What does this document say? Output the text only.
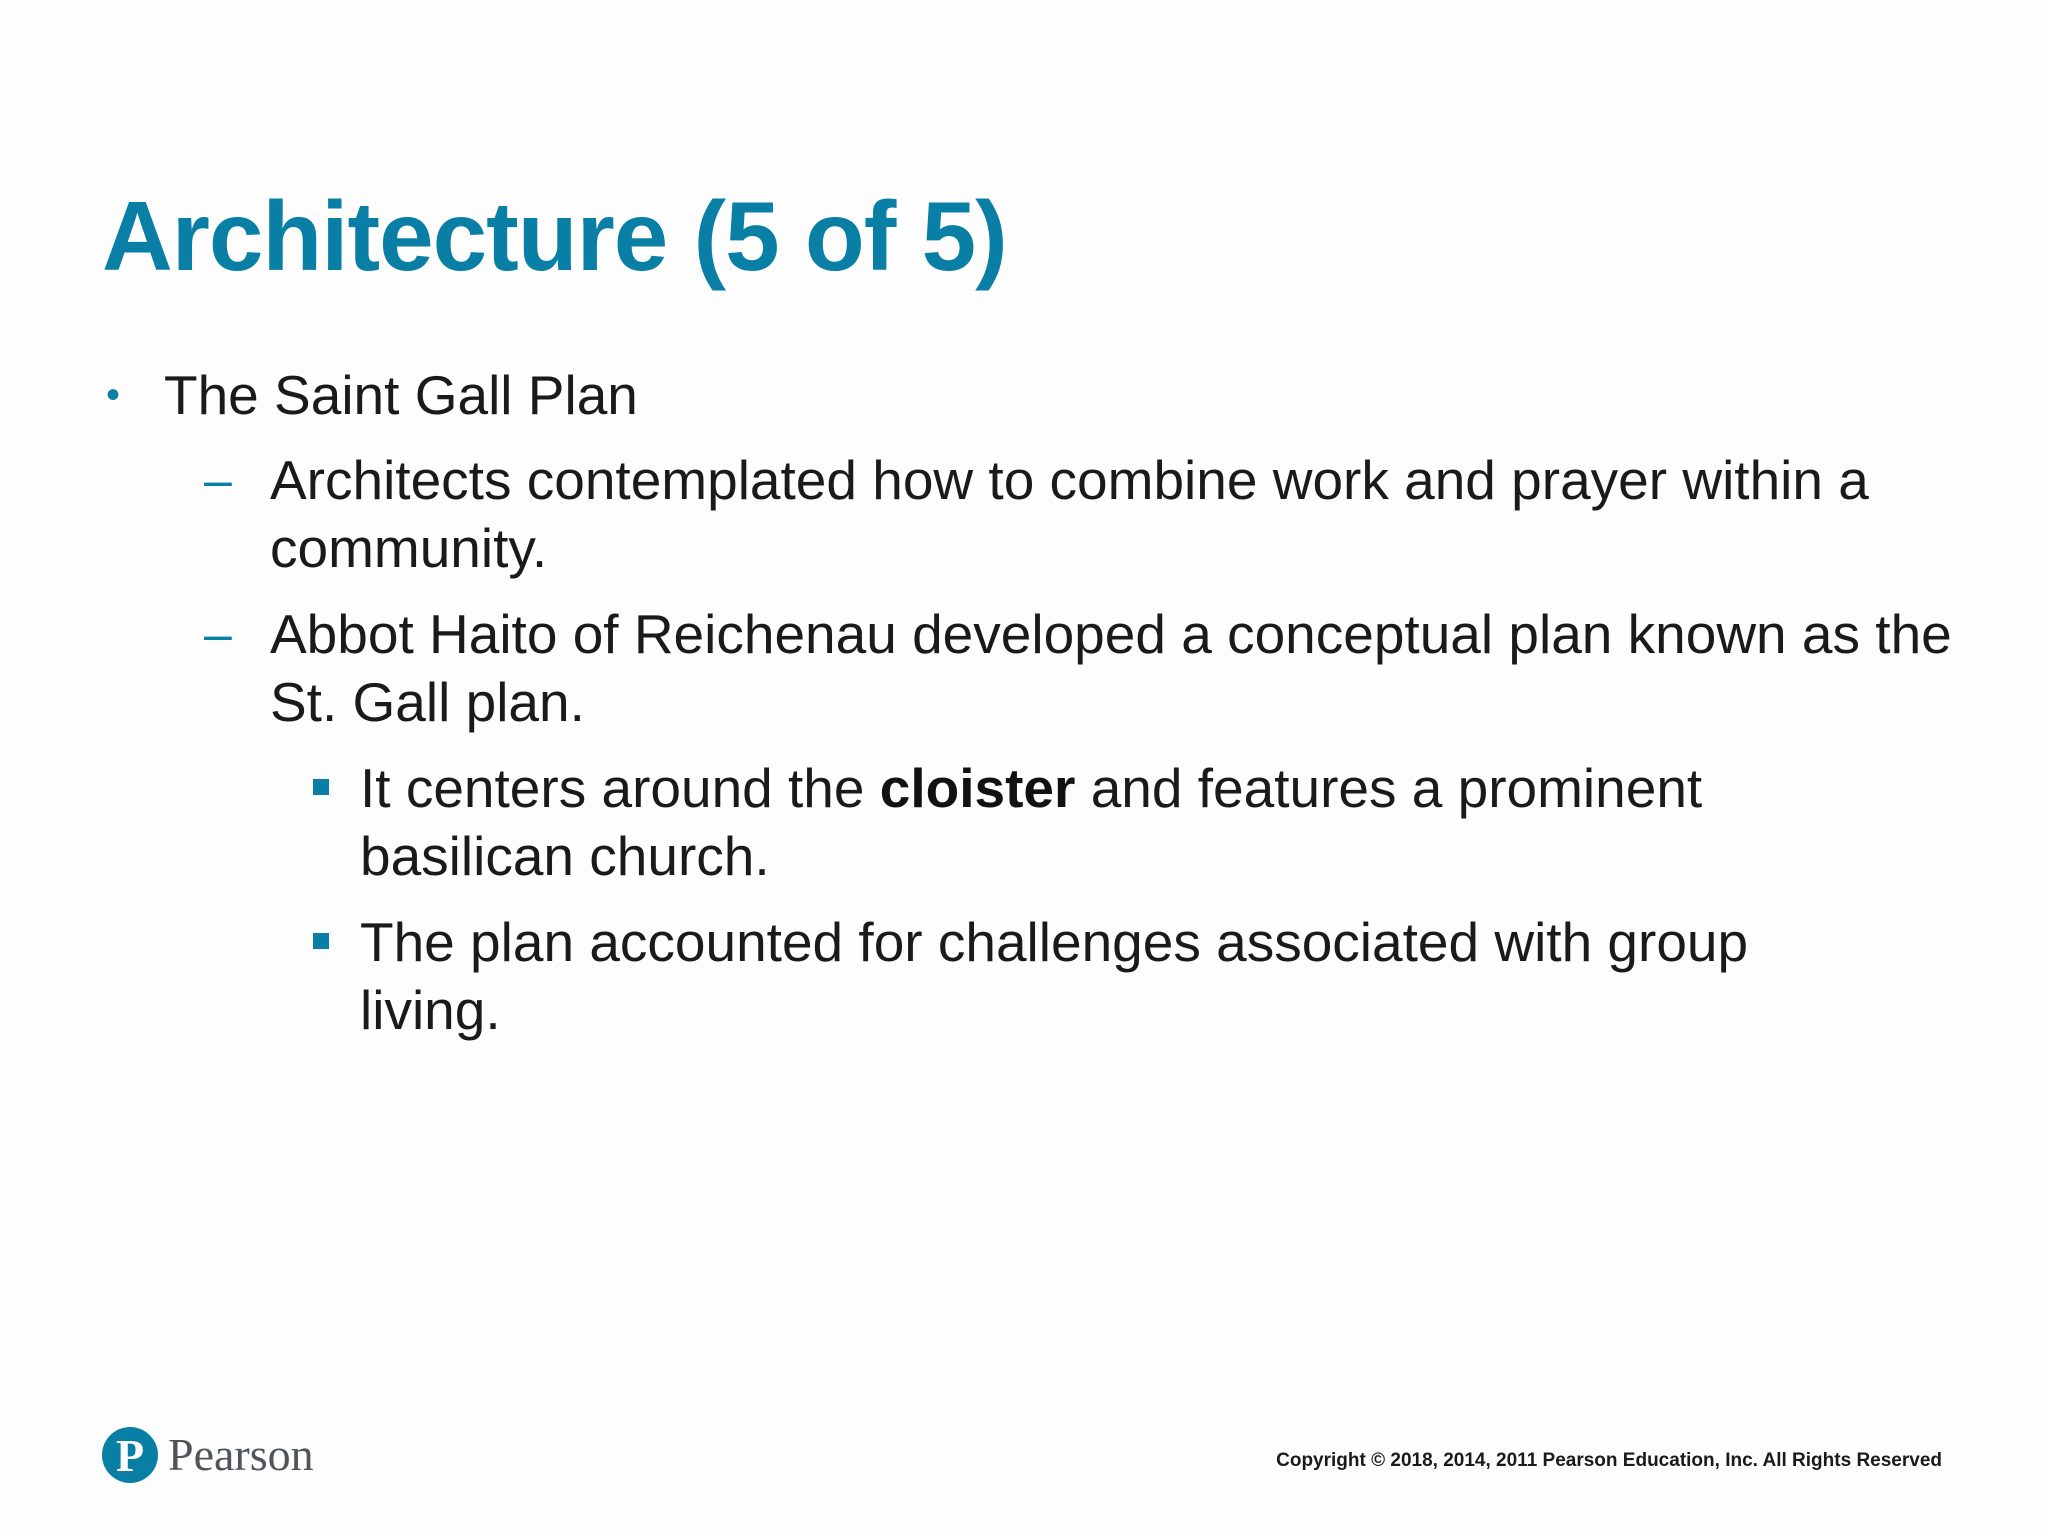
Architecture (5 of 5)
• The Saint Gall Plan
– Architects contemplated how to combine work and prayer within a community.
– Abbot Haito of Reichenau developed a conceptual plan known as the St. Gall plan.
It centers around the cloister and features a prominent basilican church.
The plan accounted for challenges associated with group living.
P Pearson	Copyright © 2018, 2014, 2011 Pearson Education, Inc. All Rights Reserved
